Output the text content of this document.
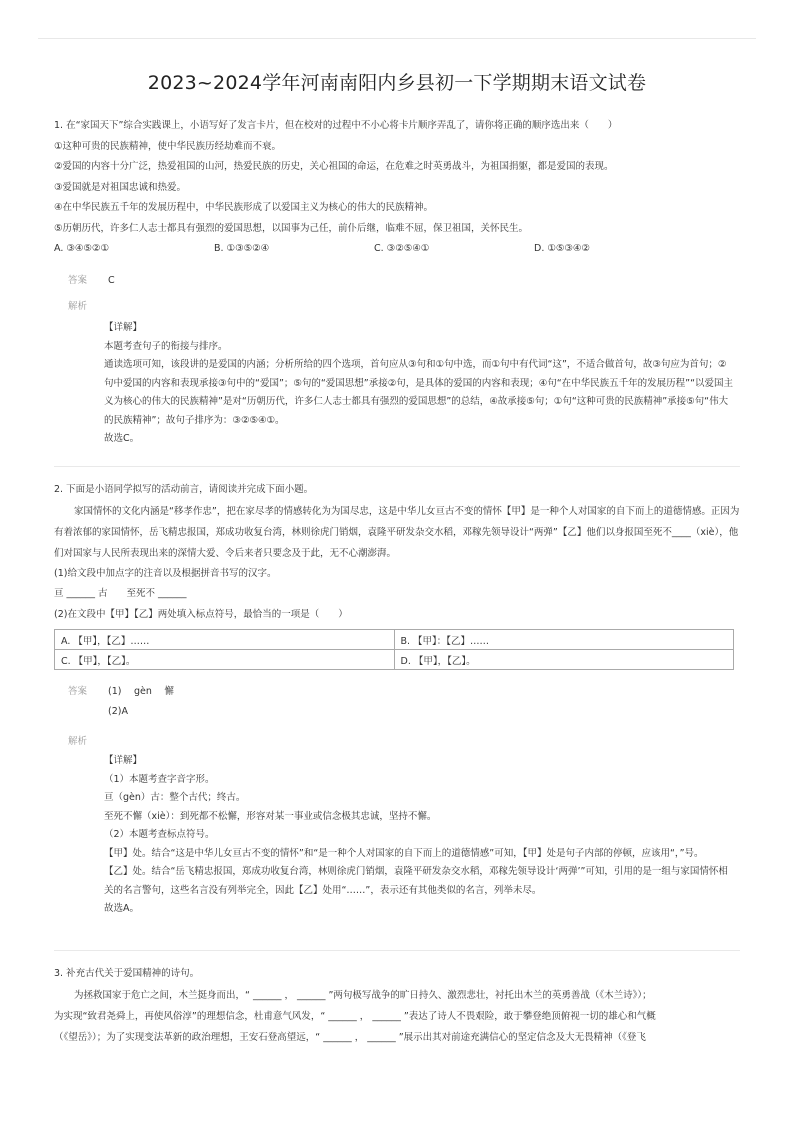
2023~2024学年河南南阳内乡县初一下学期期末语文试卷
1. 在“家国天下”综合实践课上，小语写好了发言卡片，但在校对的过程中不小心将卡片顺序弄乱了，请你将正确的顺序选出来（　　）
①这种可贵的民族精神，使中华民族历经劫难而不衰。
②爱国的内容十分广泛，热爱祖国的山河，热爱民族的历史，关心祖国的命运，在危难之时英勇战斗，为祖国捐躯，都是爱国的表现。
③爱国就是对祖国忠诚和热爱。
④在中华民族五千年的发展历程中，中华民族形成了以爱国主义为核心的伟大的民族精神。
⑤历朝历代，许多仁人志士都具有强烈的爱国思想，以国事为己任，前仆后继，临难不屈，保卫祖国，关怀民生。
A. ③④⑤②①	B. ①③⑤②④	C. ③②⑤④①	D. ①⑤③④②
答案 C
解析

【详解】

本题考查句子的衔接与排序。

通读选项可知，该段讲的是爱国的内涵；分析所给的四个选项，首句应从③句和①句中选，而①句中有代词“这”，不适合做首句，故③句应为首句；②句中爱国的内容和表现承接③句中的“爱国”；⑤句的“爱国思想”承接②句，是具体的爱国的内容和表现；④句“在中华民族五千年的发展历程”“以爱国主义为核心的伟大的民族精神”是对“历朝历代，许多仁人志士都具有强烈的爱国思想”的总结，④故承接⑤句；①句“这种可贵的民族精神”承接⑤句“伟大的民族精神”；故句子排序为：③②⑤④①。

故选C。

2. 下面是小语同学拟写的活动前言，请阅读并完成下面小题。
家国情怀的文化内涵是“移孝作忠”，把在家尽孝的情感转化为为国尽忠，这是中华儿女亘古不变的情怀【甲】是一种个人对国家的自下而上的道德情感。正因为有着浓郁的家国情怀，岳飞精忠报国，郑成功收复台湾，林则徐虎门销烟，袁隆平研发杂交水稻，邓稼先领导设计“两弹”【乙】他们以身报国至死不____（xiè），他们对国家与人民所表现出来的深情大爱、令后来者只要念及于此，无不心潮澎湃。
(1)给文段中加点字的注音以及根据拼音书写的汉字。
亘 ______ 古　　至死不 ______
(2)在文段中【甲】【乙】两处填入标点符号，最恰当的一项是（　　）
A. 【甲】，【乙】……	B. 【甲】：【乙】……
C. 【甲】，【乙】。	D. 【甲】，【乙】。
答案 (1)　 gèn　 懈
(2)A
解析

【详解】

（1）本题考查字音字形。

亘（gèn）古：整个古代；终古。

至死不懈（xiè）：到死都不松懈，形容对某一事业或信念极其忠诚，坚持不懈。

（2）本题考查标点符号。

【甲】处。结合“这是中华儿女亘古不变的情怀”和“是一种个人对国家的自下而上的道德情感”可知，【甲】处是句子内部的停顿，应该用“，”号。

【乙】处。结合“岳飞精忠报国，郑成功收复台湾，林则徐虎门销烟，袁隆平研发杂交水稻，邓稼先领导设计‘两弹’”可知，引用的是一组与家国情怀相关的名言警句，这些名言没有列举完全，因此【乙】处用“……”，表示还有其他类似的名言，列举未尽。

故选A。

3. 补充古代关于爱国精神的诗句。
为拯救国家于危亡之间，木兰挺身而出，“ ______ ， ______ ”两句极写战争的旷日持久、激烈悲壮，衬托出木兰的英勇善战（《木兰诗》）；
为实现“致君尧舜上，再使风俗淳”的理想信念，杜甫意气风发，“ ______ ， ______ ”表达了诗人不畏艰险，敢于攀登绝顶俯视一切的雄心和气概
（《望岳》）；为了实现变法革新的政治理想，王安石登高望远，“ ______ ， ______ ”展示出其对前途充满信心的坚定信念及大无畏精神（《登飞
